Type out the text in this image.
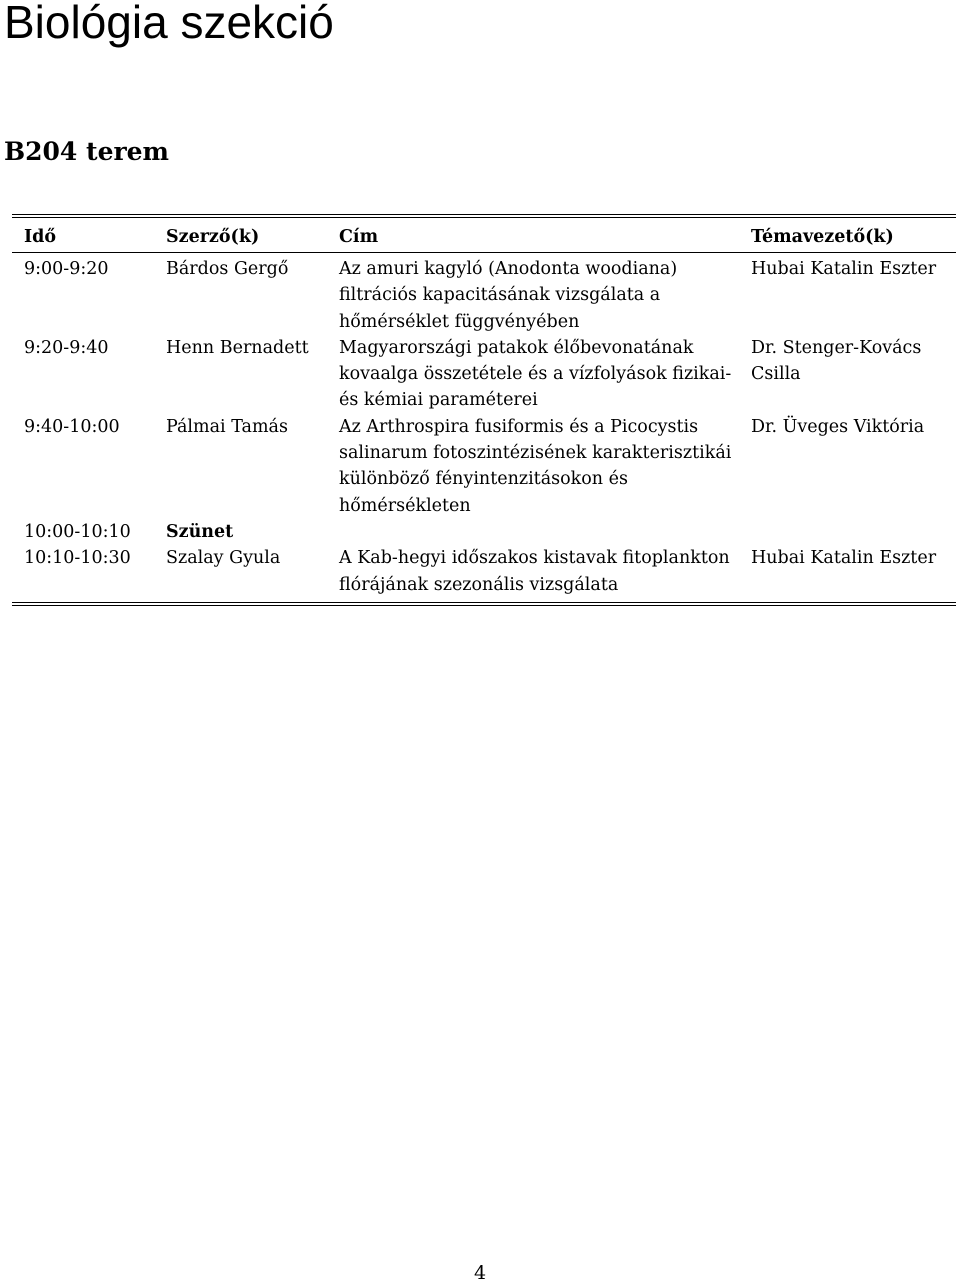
Biológia szekció
B204 terem
Idő	Szerző(k)	Cím	Témavezető(k)

9:00-9:20	Bárdos Gergő	Az amuri kagyló (Anodonta woodiana) filtrációs kapacitásának vizsgálata a hőmérséklet függvényében	Hubai Katalin Eszter
9:20-9:40	Henn Bernadett	Magyarországi patakok élőbevonatának kovaalga összetétele és a vízfolyások fizikai- és kémiai paraméterei	Dr. Stenger-Kovács Csilla
9:40-10:00	Pálmai Tamás	Az Arthrospira fusiformis és a Picocystis salinarum fotoszintézisének karakterisztikái különböző fényintenzitásokon és hőmérsékleten	Dr. Üveges Viktória
10:00-10:10	Szünet		
10:10-10:30	Szalay Gyula	A Kab-hegyi időszakos kistavak fitoplankton flórájának szezonális vizsgálata	Hubai Katalin Eszter
4
